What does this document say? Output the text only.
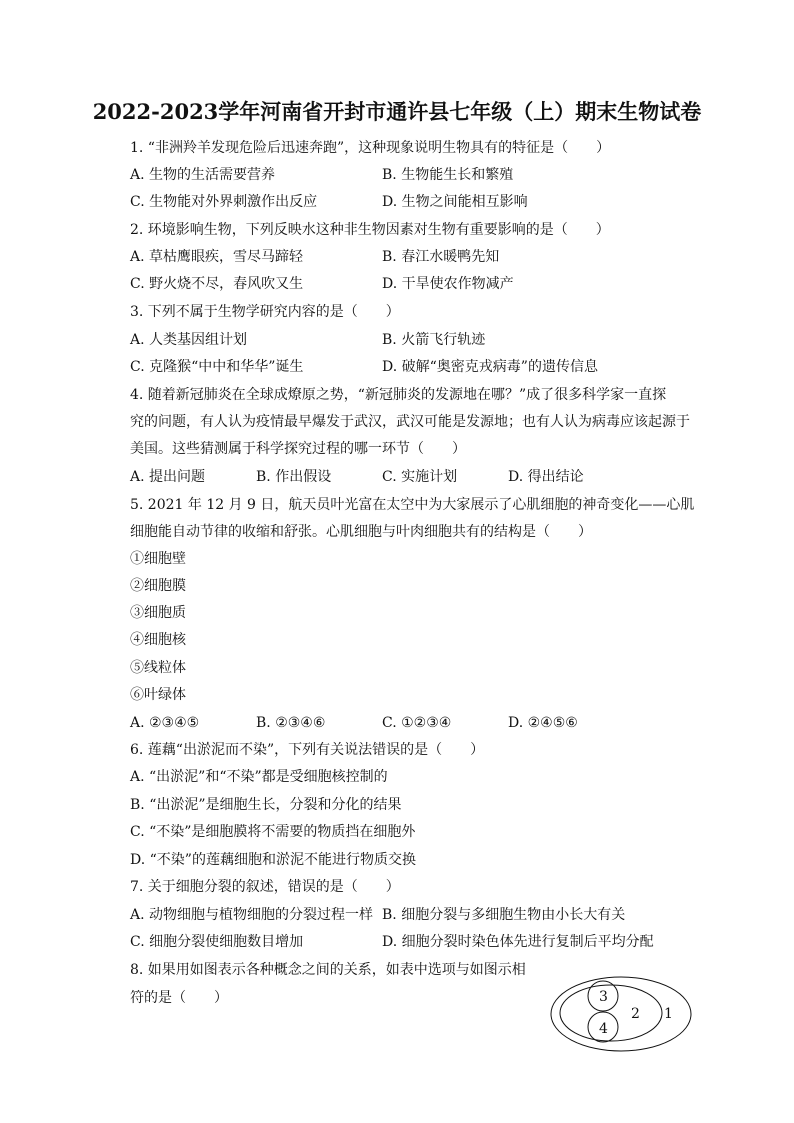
2022-2023学年河南省开封市通许县七年级（上）期末生物试卷
1. “非洲羚羊发现危险后迅速奔跑”，这种现象说明生物具有的特征是（　　）
A. 生物的生活需要营养	B. 生物能生长和繁殖
C. 生物能对外界刺激作出反应	D. 生物之间能相互影响
2. 环境影响生物，下列反映水这种非生物因素对生物有重要影响的是（　　）
A. 草枯鹰眼疾，雪尽马蹄轻	B. 春江水暖鸭先知
C. 野火烧不尽，春风吹又生	D. 干旱使农作物减产
3. 下列不属于生物学研究内容的是（　　）
A. 人类基因组计划	B. 火箭飞行轨迹
C. 克隆猴“中中和华华”诞生	D. 破解“奥密克戎病毒”的遗传信息
4. 随着新冠肺炎在全球成燎原之势，“新冠肺炎的发源地在哪？”成了很多科学家一直探
究的问题，有人认为疫情最早爆发于武汉，武汉可能是发源地；也有人认为病毒应该起源于
美国。这些猜测属于科学探究过程的哪一环节（　　）
A. 提出问题	B. 作出假设	C. 实施计划	D. 得出结论
5. 2021 年 12 月 9 日，航天员叶光富在太空中为大家展示了心肌细胞的神奇变化——心肌
细胞能自动节律的收缩和舒张。心肌细胞与叶肉细胞共有的结构是（　　）
①细胞壁
②细胞膜
③细胞质
④细胞核
⑤线粒体
⑥叶绿体
A. ②③④⑤	B. ②③④⑥	C. ①②③④	D. ②④⑤⑥
6. 莲藕“出淤泥而不染”，下列有关说法错误的是（　　）
A. “出淤泥”和“不染”都是受细胞核控制的
B. “出淤泥”是细胞生长，分裂和分化的结果
C. “不染”是细胞膜将不需要的物质挡在细胞外
D. “不染”的莲藕细胞和淤泥不能进行物质交换
7. 关于细胞分裂的叙述，错误的是（　　）
A. 动物细胞与植物细胞的分裂过程一样 B. 细胞分裂与多细胞生物由小长大有关
C. 细胞分裂使细胞数目增加	D. 细胞分裂时染色体先进行复制后平均分配
8. 如果用如图表示各种概念之间的关系，如表中选项与如图示相
符的是（　　）	3
4
2 1
